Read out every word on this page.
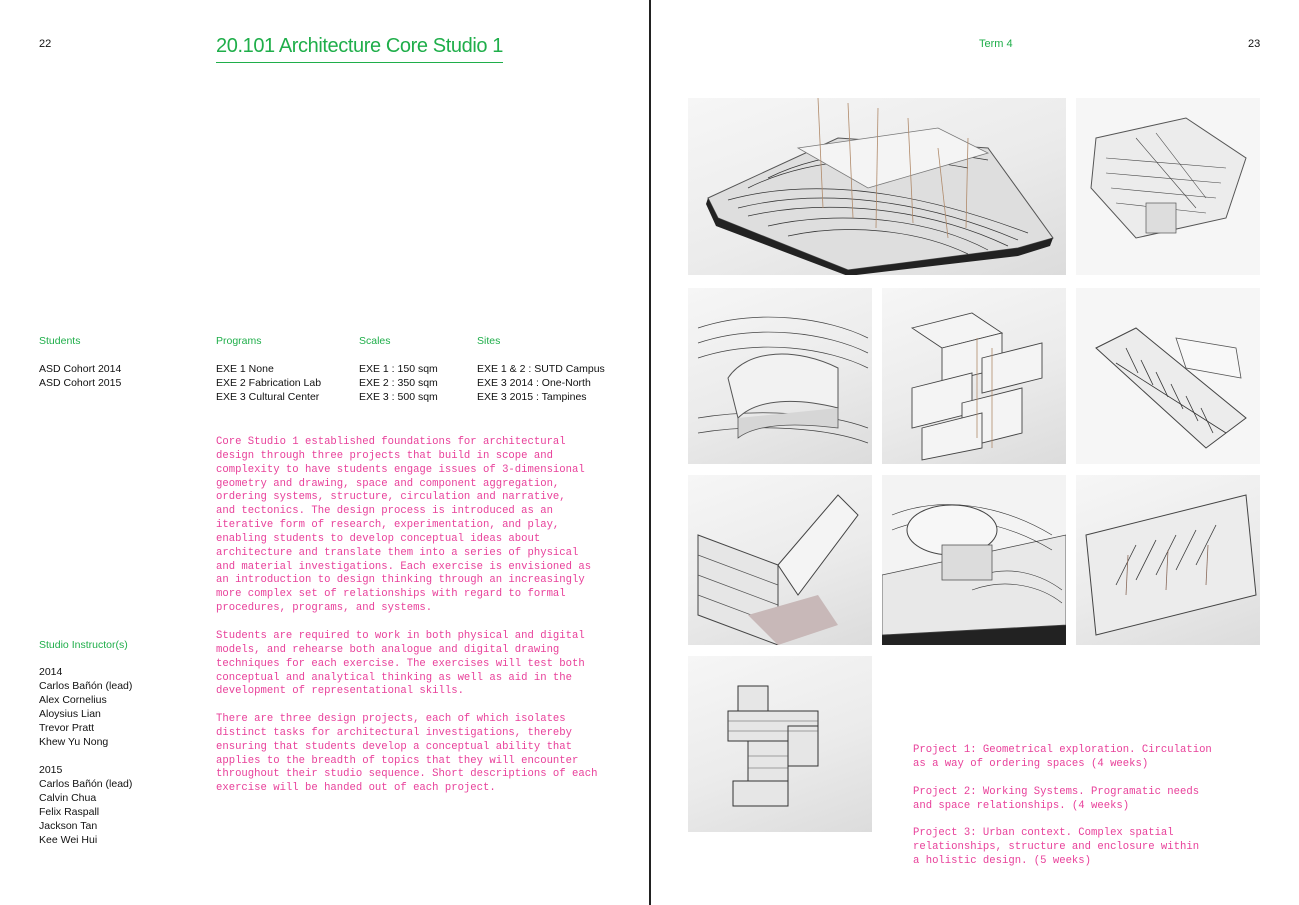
22	20.101 Architecture Core Studio 1
Students
ASD Cohort 2014
ASD Cohort 2015
Programs
EXE 1 None
EXE 2 Fabrication Lab
EXE 3 Cultural Center
Scales
EXE 1 : 150 sqm
EXE 2 : 350 sqm
EXE 3 : 500 sqm
Sites
EXE 1 & 2 : SUTD Campus
EXE 3 2014 : One-North
EXE 3 2015 : Tampines
Studio Instructor(s)
2014
Carlos Bañón (lead)
Alex Cornelius
Aloysius Lian
Trevor Pratt
Khew Yu Nong
2015
Carlos Bañón (lead)
Calvin Chua
Felix Raspall
Jackson Tan
Kee Wei Hui
Core Studio 1 established foundations for architectural
design through three projects that build in scope and
complexity to have students engage issues of 3-dimensional
geometry and drawing, space and component aggregation,
ordering systems, structure, circulation and narrative,
and tectonics. The design process is introduced as an
iterative form of research, experimentation, and play,
enabling students to develop conceptual ideas about
architecture and translate them into a series of physical
and material investigations. Each exercise is envisioned as
an introduction to design thinking through an increasingly
more complex set of relationships with regard to formal
procedures, programs, and systems.
Students are required to work in both physical and digital
models, and rehearse both analogue and digital drawing
techniques for each exercise. The exercises will test both
conceptual and analytical thinking as well as aid in the
development of representational skills.
There are three design projects, each of which isolates
distinct tasks for architectural investigations, thereby
ensuring that students develop a conceptual ability that
applies to the breadth of topics that they will encounter
throughout their studio sequence. Short descriptions of each
exercise will be handed out of each project.
Term 4	23
Project 1: Geometrical exploration. Circulation
as a way of ordering spaces (4 weeks)
Project 2: Working Systems. Programatic needs
and space relationships. (4 weeks)
Project 3: Urban context. Complex spatial
relationships, structure and enclosure within
a holistic design. (5 weeks)
